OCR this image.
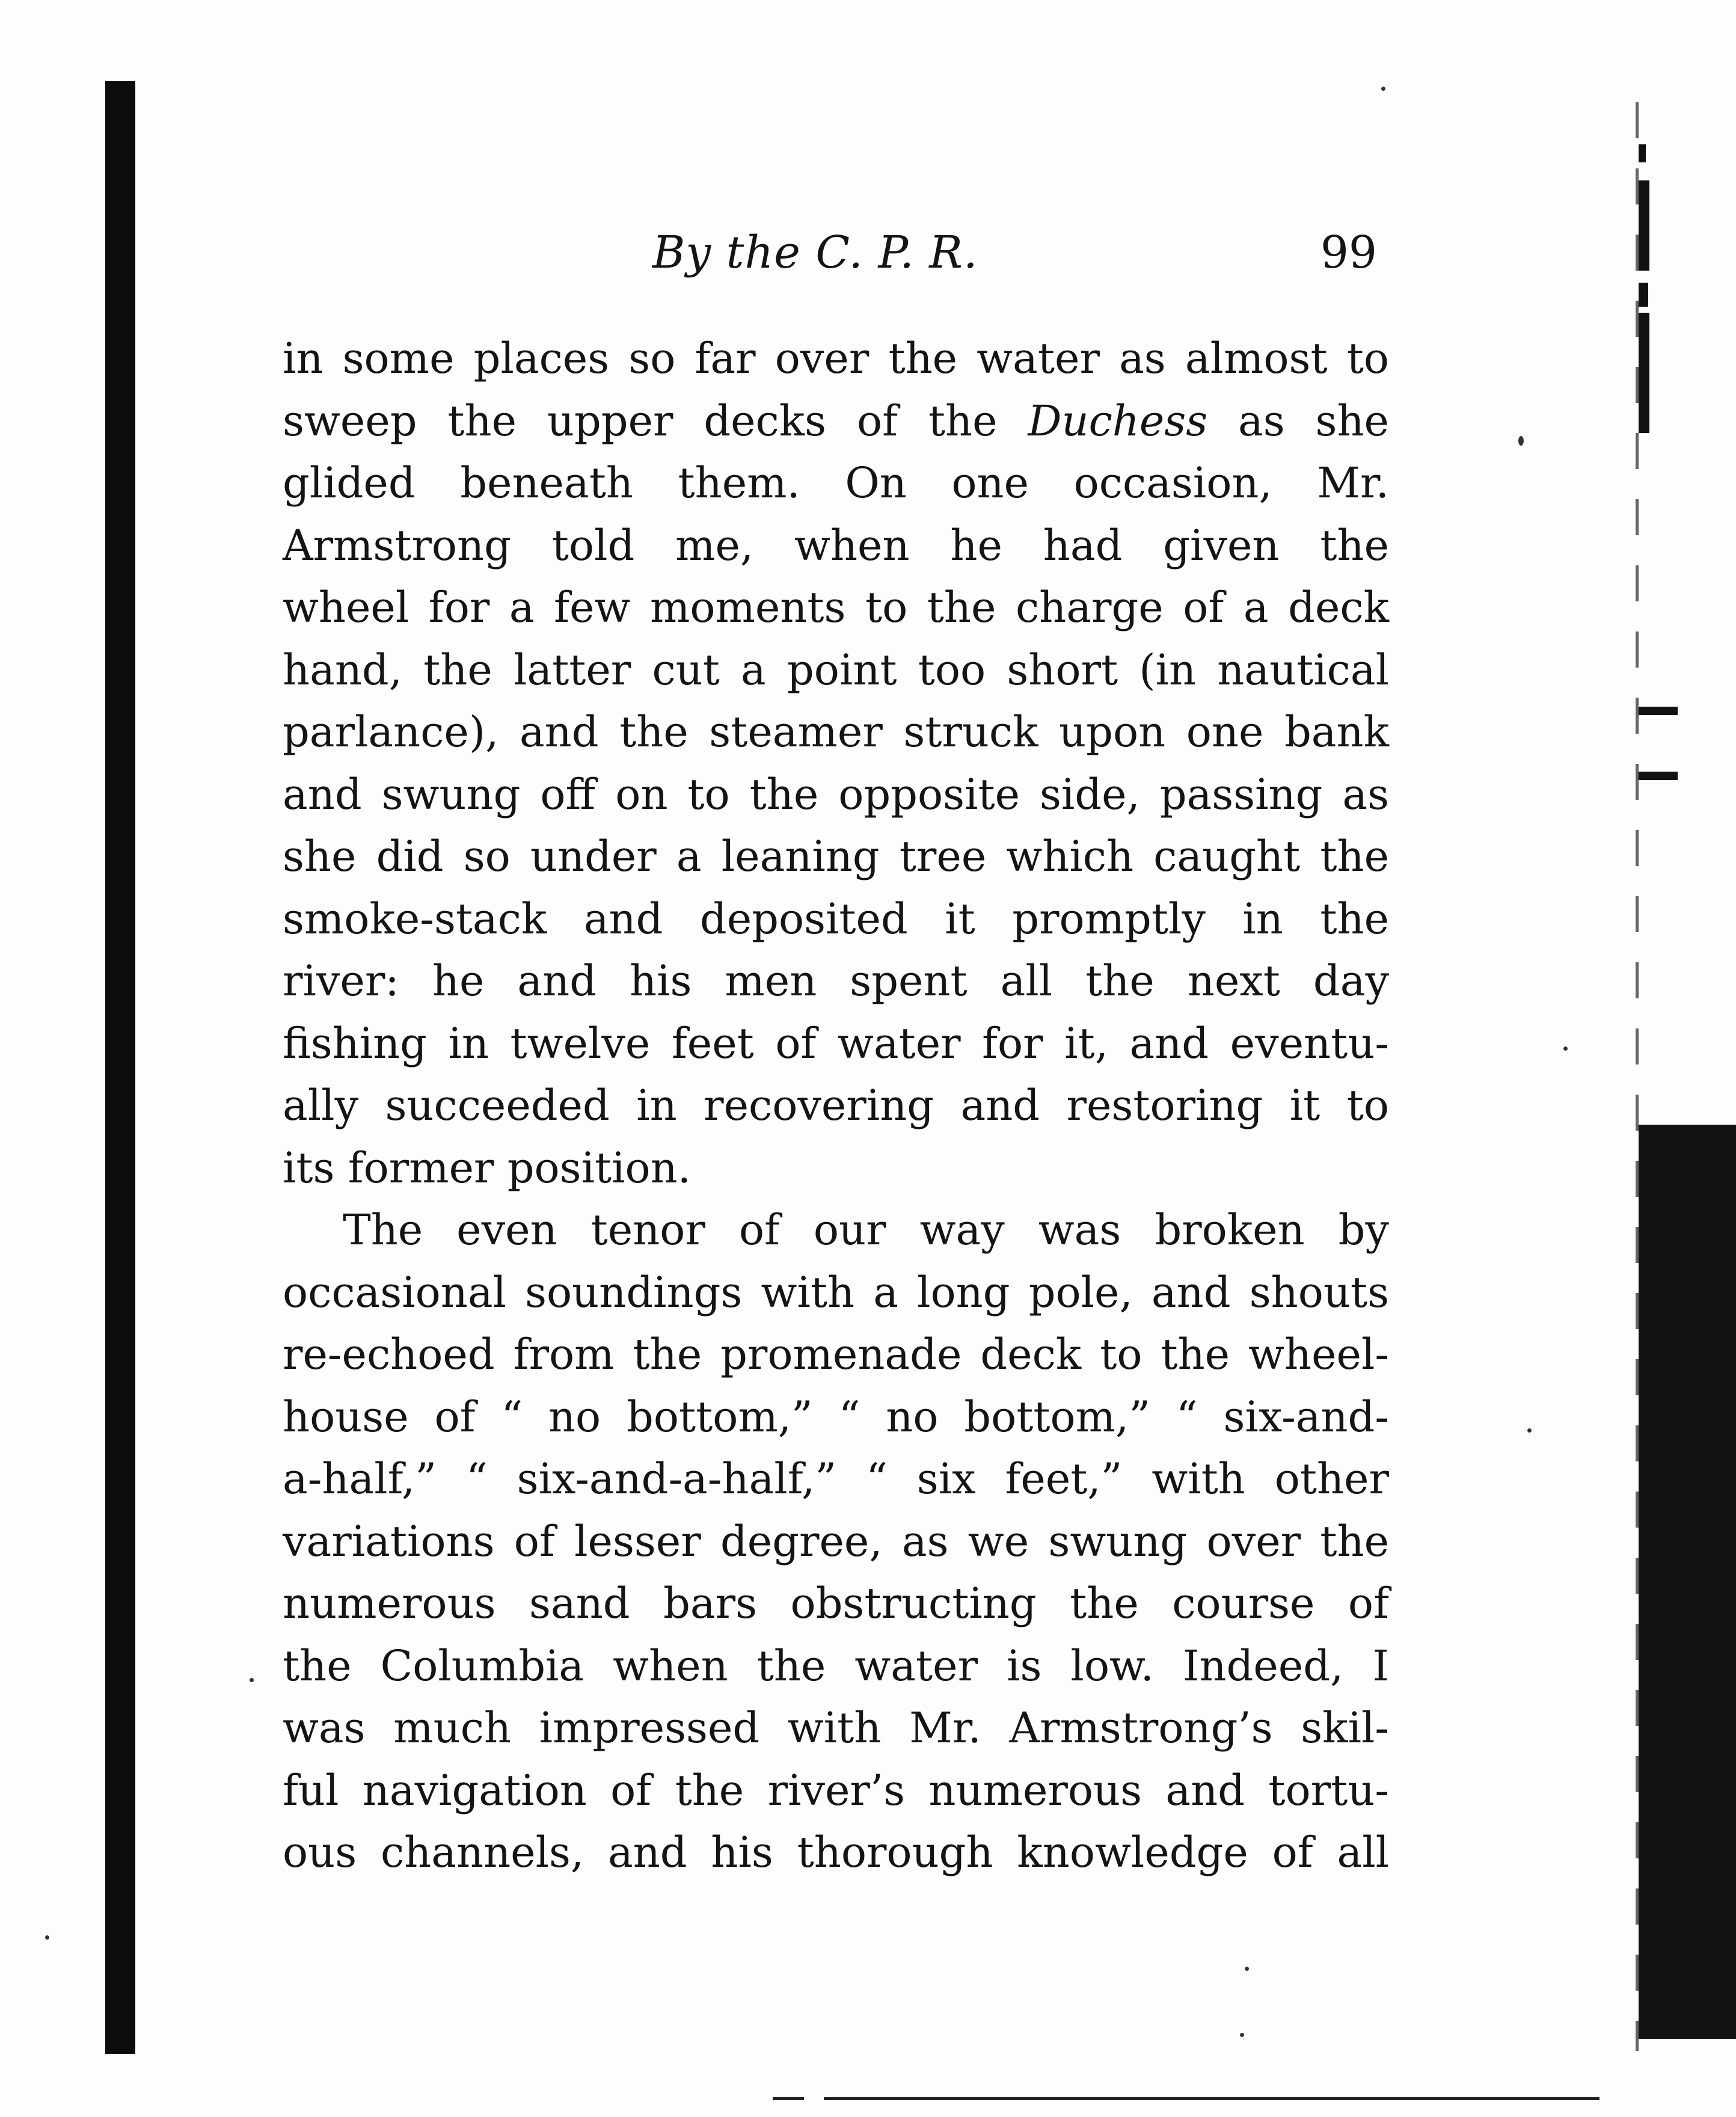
By the C. P. R.	99
in some places so far over the water as almost to
sweep the upper decks of the Duchess as she
glided beneath them. On one occasion, Mr.
Armstrong told me, when he had given the
wheel for a few moments to the charge of a deck
hand, the latter cut a point too short (in nautical
parlance), and the steamer struck upon one bank
and swung off on to the opposite side, passing as
she did so under a leaning tree which caught the
smoke-stack and deposited it promptly in the
river: he and his men spent all the next day
fishing in twelve feet of water for it, and eventu-
ally succeeded in recovering and restoring it to
its former position.
The even tenor of our way was broken by
occasional soundings with a long pole, and shouts
re-echoed from the promenade deck to the wheel-
house of “ no bottom,” “ no bottom,” “ six-and-
a-half,” “ six-and-a-half,” “ six feet,” with other
variations of lesser degree, as we swung over the
numerous sand bars obstructing the course of
the Columbia when the water is low. Indeed, I
was much impressed with Mr. Armstrong’s skil-
ful navigation of the river’s numerous and tortu-
ous channels, and his thorough knowledge of all
